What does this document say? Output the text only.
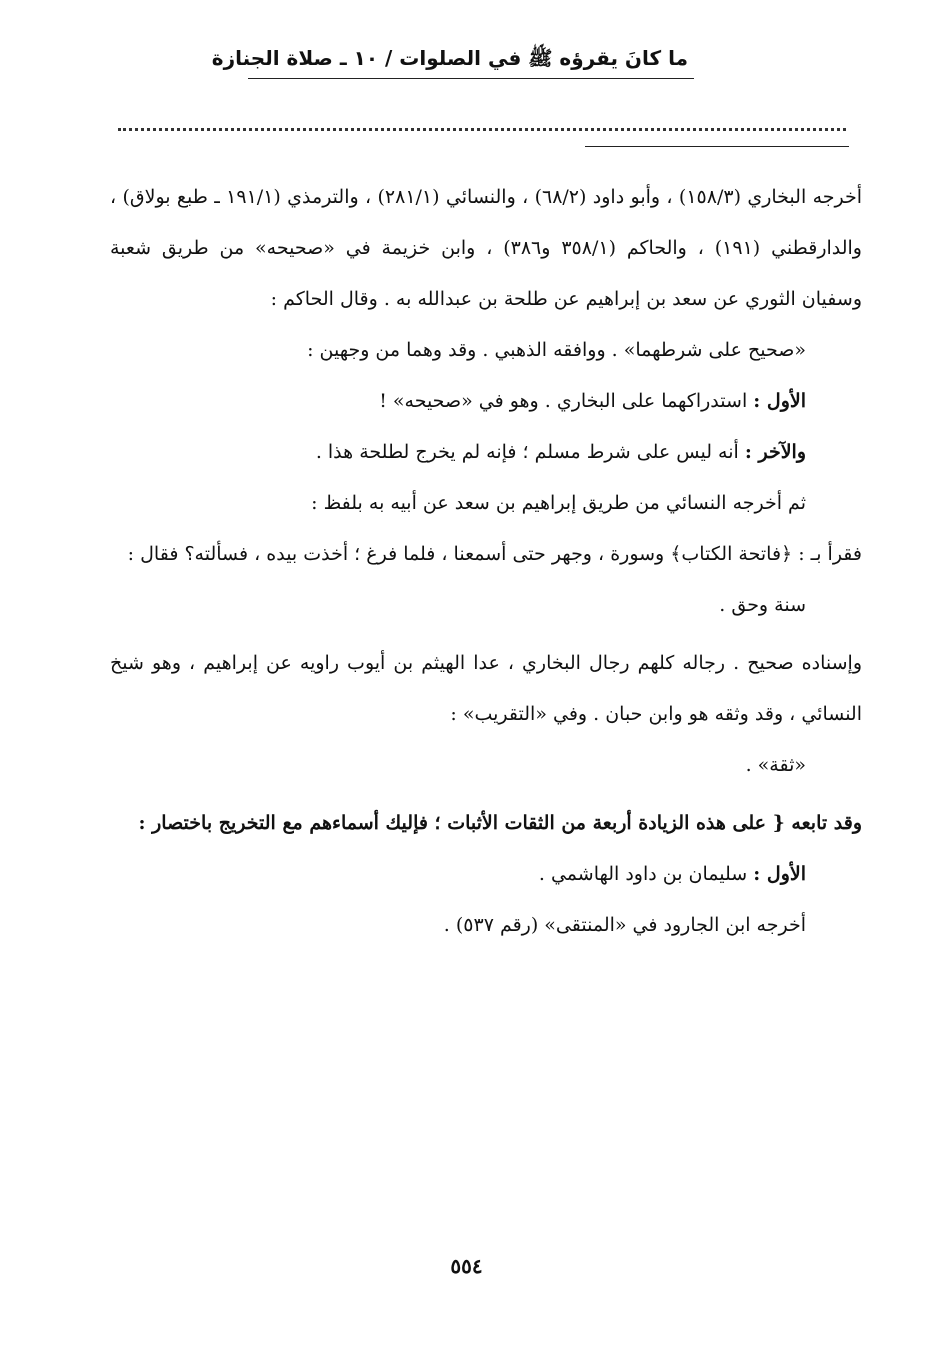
ما كانَ يقرؤه ﷺ في الصلوات / ١٠ ـ صلاة الجنازة

أخرجه البخاري (١٥٨/٣) ، وأبو داود (٦٨/٢) ، والنسائي (٢٨١/١) ، والترمذي (١٩١/١ ـ طبع بولاق) ، والدارقطني (١٩١) ، والحاكم (٣٥٨/١ و٣٨٦) ، وابن خزيمة في «صحيحه» من طريق شعبة وسفيان الثوري عن سعد بن إبراهيم عن طلحة بن عبدالله به . وقال الحاكم :

«صحيح على شرطهما» . ووافقه الذهبي . وقد وهما من وجهين :

الأول : استدراكهما على البخاري . وهو في «صحيحه» !

والآخر : أنه ليس على شرط مسلم ؛ فإنه لم يخرج لطلحة هذا .

ثم أخرجه النسائي من طريق إبراهيم بن سعد عن أبيه به بلفظ :

فقرأ بـ : ﴿فاتحة الكتاب﴾ وسورة ، وجهر حتى أسمعنا ، فلما فرغ ؛ أخذت بيده ، فسألته؟ فقال :

سنة وحق .

وإسناده صحيح . رجاله كلهم رجال البخاري ، عدا الهيثم بن أيوب راويه عن إبراهيم ، وهو شيخ النسائي ، وقد وثقه هو وابن حبان . وفي «التقريب» :

«ثقة» .

وقد تابعه { على هذه الزيادة أربعة من الثقات الأثبات ؛ فإليك أسماءهم مع التخريج باختصار :

الأول : سليمان بن داود الهاشمي .

أخرجه ابن الجارود في «المنتقى» (رقم ٥٣٧) .

٥٥٤
